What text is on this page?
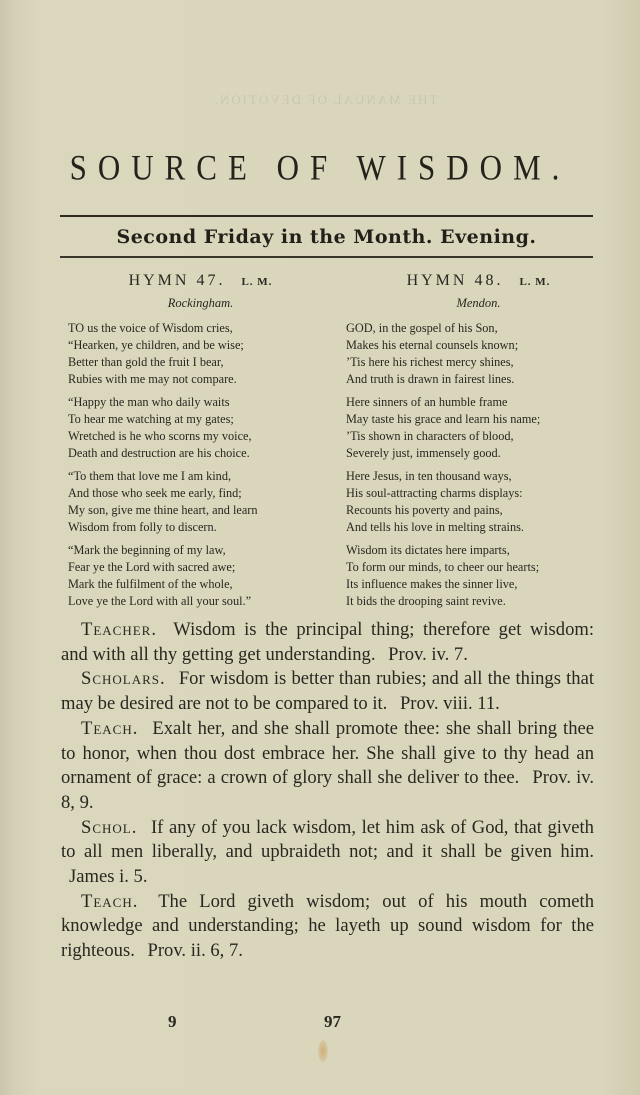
THE MANUAL OF DEVOTION.
SOURCE OF WISDOM.
Second Friday in the Month. Evening.
HYMN 47. L. M.
Rockingham.
TO us the voice of Wisdom cries,
“Hearken, ye children, and be wise;
Better than gold the fruit I bear,
Rubies with me may not compare.
“Happy the man who daily waits
To hear me watching at my gates;
Wretched is he who scorns my voice,
Death and destruction are his choice.
“To them that love me I am kind,
And those who seek me early, find;
My son, give me thine heart, and learn
Wisdom from folly to discern.
“Mark the beginning of my law,
Fear ye the Lord with sacred awe;
Mark the fulfilment of the whole,
Love ye the Lord with all your soul.”
HYMN 48. L. M.
Mendon.
GOD, in the gospel of his Son,
Makes his eternal counsels known;
’Tis here his richest mercy shines,
And truth is drawn in fairest lines.
Here sinners of an humble frame
May taste his grace and learn his name;
’Tis shown in characters of blood,
Severely just, immensely good.
Here Jesus, in ten thousand ways,
His soul-attracting charms displays:
Recounts his poverty and pains,
And tells his love in melting strains.
Wisdom its dictates here imparts,
To form our minds, to cheer our hearts;
Its influence makes the sinner live,
It bids the drooping saint revive.

Teacher. Wisdom is the principal thing; therefore get wisdom: and with all thy getting get understanding. Prov. iv. 7.

Scholars. For wisdom is better than rubies; and all the things that may be desired are not to be compared to it. Prov. viii. 11.

Teach. Exalt her, and she shall promote thee: she shall bring thee to honor, when thou dost embrace her. She shall give to thy head an ornament of grace: a crown of glory shall she deliver to thee. Prov. iv. 8, 9.

Schol. If any of you lack wisdom, let him ask of God, that giveth to all men liberally, and upbraideth not; and it shall be given him. James i. 5.

Teach. The Lord giveth wisdom; out of his mouth cometh knowledge and understanding; he layeth up sound wisdom for the righteous. Prov. ii. 6, 7.

9	97
